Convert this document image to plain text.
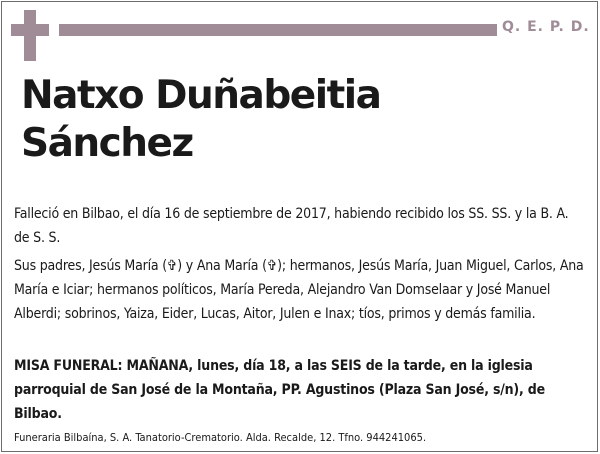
Q. E. P. D.
Natxo Duñabeitia
Sánchez
Falleció en Bilbao, el día 16 de septiembre de 2017, habiendo recibido los SS. SS. y la B. A. de S. S.
Sus padres, Jesús María (✞) y Ana María (✞); hermanos, Jesús María, Juan Miguel, Carlos, Ana María e Iciar; hermanos políticos, María Pereda, Alejandro Van Domselaar y José Manuel Alberdi; sobrinos, Yaiza, Eider, Lucas, Aitor, Julen e Inax; tíos, primos y demás familia.
MISA FUNERAL: MAÑANA, lunes, día 18, a las SEIS de la tarde, en la iglesia parroquial de San José de la Montaña, PP. Agustinos (Plaza San José, s/n), de Bilbao.
Funeraria Bilbaína, S. A. Tanatorio-Crematorio. Alda. Recalde, 12. Tfno. 944241065.
